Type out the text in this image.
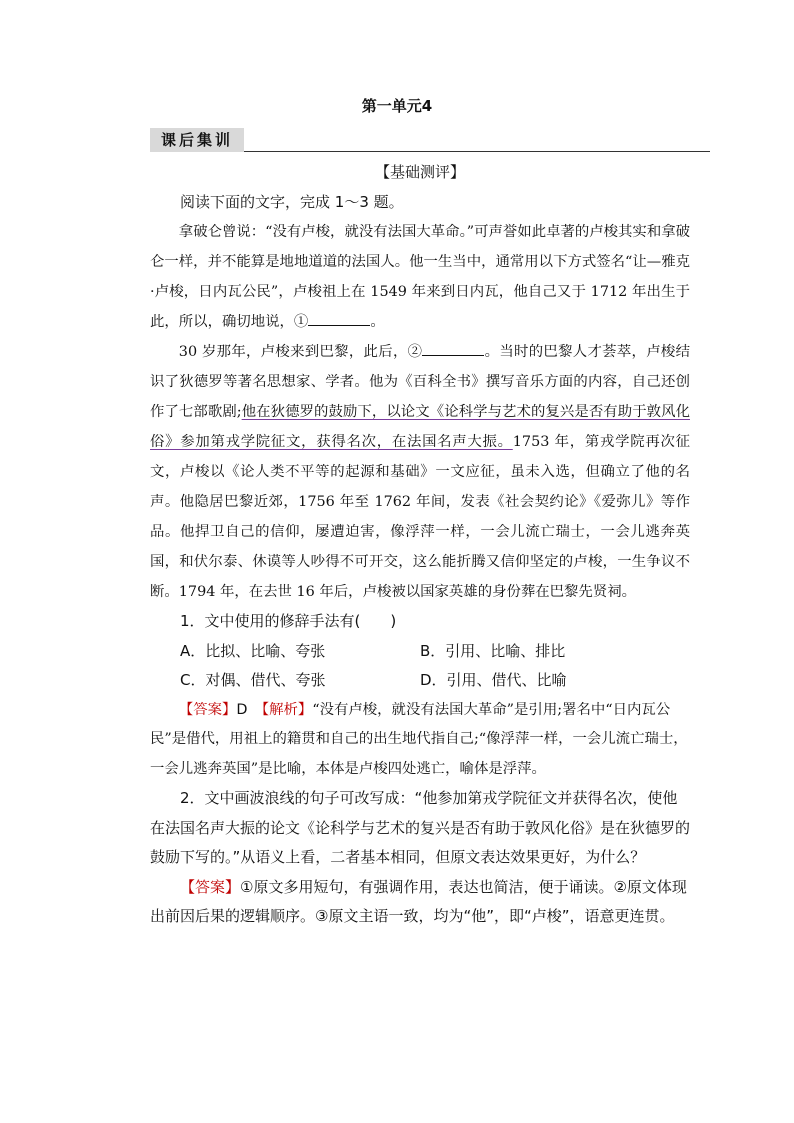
第一单元4
课后集训
【基础测评】

阅读下面的文字，完成 1～3 题。

拿破仑曾说：“没有卢梭，就没有法国大革命。”可声誉如此卓著的卢梭其实和拿破仑一样，并不能算是地地道道的法国人。他一生当中，通常用以下方式签名“让—雅克·卢梭，日内瓦公民”，卢梭祖上在 1549 年来到日内瓦，他自己又于 1712 年出生于此，所以，确切地说，①	。

30 岁那年，卢梭来到巴黎，此后，②	。当时的巴黎人才荟萃，卢梭结识了狄德罗等著名思想家、学者。他为《百科全书》撰写音乐方面的内容，自己还创作了七部歌剧;他在狄德罗的鼓励下，以论文《论科学与艺术的复兴是否有助于敦风化俗》参加第戎学院征文，获得名次，在法国名声大振。1753 年，第戎学院再次征文，卢梭以《论人类不平等的起源和基础》一文应征，虽未入选，但确立了他的名声。他隐居巴黎近郊，1756 年至 1762 年间，发表《社会契约论》《爱弥儿》等作品。他捍卫自己的信仰，屡遭迫害，像浮萍一样，一会儿流亡瑞士，一会儿逃奔英国，和伏尔泰、休谟等人吵得不可开交，这么能折腾又信仰坚定的卢梭，一生争议不断。1794 年，在去世 16 年后，卢梭被以国家英雄的身份葬在巴黎先贤祠。

1．文中使用的修辞手法有(　　)

A．比拟、比喻、夸张	B．引用、比喻、排比
C．对偶、借代、夸张	D．引用、借代、比喻

【答案】D　 【解析】“没有卢梭，就没有法国大革命”是引用;署名中“日内瓦公民”是借代，用祖上的籍贯和自己的出生地代指自己;“像浮萍一样，一会儿流亡瑞士，一会儿逃奔英国”是比喻，本体是卢梭四处逃亡，喻体是浮萍。

2．文中画波浪线的句子可改写成：“他参加第戎学院征文并获得名次，使他在法国名声大振的论文《论科学与艺术的复兴是否有助于敦风化俗》是在狄德罗的鼓励下写的。”从语义上看，二者基本相同，但原文表达效果更好，为什么？

【答案】①原文多用短句，有强调作用，表达也简洁，便于诵读。②原文体现出前因后果的逻辑顺序。③原文主语一致，均为“他”，即“卢梭”，语意更连贯。
